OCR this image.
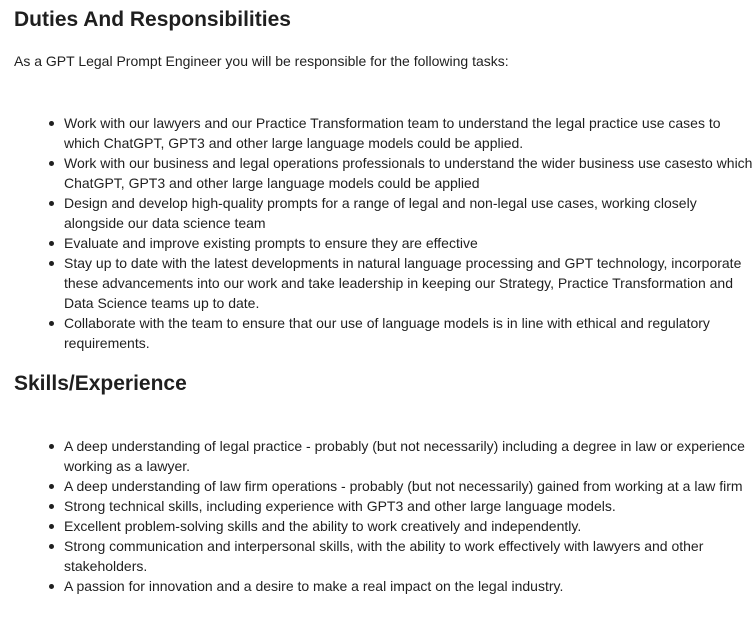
Duties And Responsibilities

As a GPT Legal Prompt Engineer you will be responsible for the following tasks:

Work with our lawyers and our Practice Transformation team to understand the legal practice use cases to which ChatGPT, GPT3 and other large language models could be applied.
Work with our business and legal operations professionals to understand the wider business use casesto which ChatGPT, GPT3 and other large language models could be applied
Design and develop high-quality prompts for a range of legal and non-legal use cases, working closely alongside our data science team
Evaluate and improve existing prompts to ensure they are effective
Stay up to date with the latest developments in natural language processing and GPT technology, incorporate these advancements into our work and take leadership in keeping our Strategy, Practice Transformation and Data Science teams up to date.
Collaborate with the team to ensure that our use of language models is in line with ethical and regulatory requirements.
Skills/Experience
A deep understanding of legal practice - probably (but not necessarily) including a degree in law or experience working as a lawyer.
A deep understanding of law firm operations - probably (but not necessarily) gained from working at a law firm
Strong technical skills, including experience with GPT3 and other large language models.
Excellent problem-solving skills and the ability to work creatively and independently.
Strong communication and interpersonal skills, with the ability to work effectively with lawyers and other stakeholders.
A passion for innovation and a desire to make a real impact on the legal industry.
